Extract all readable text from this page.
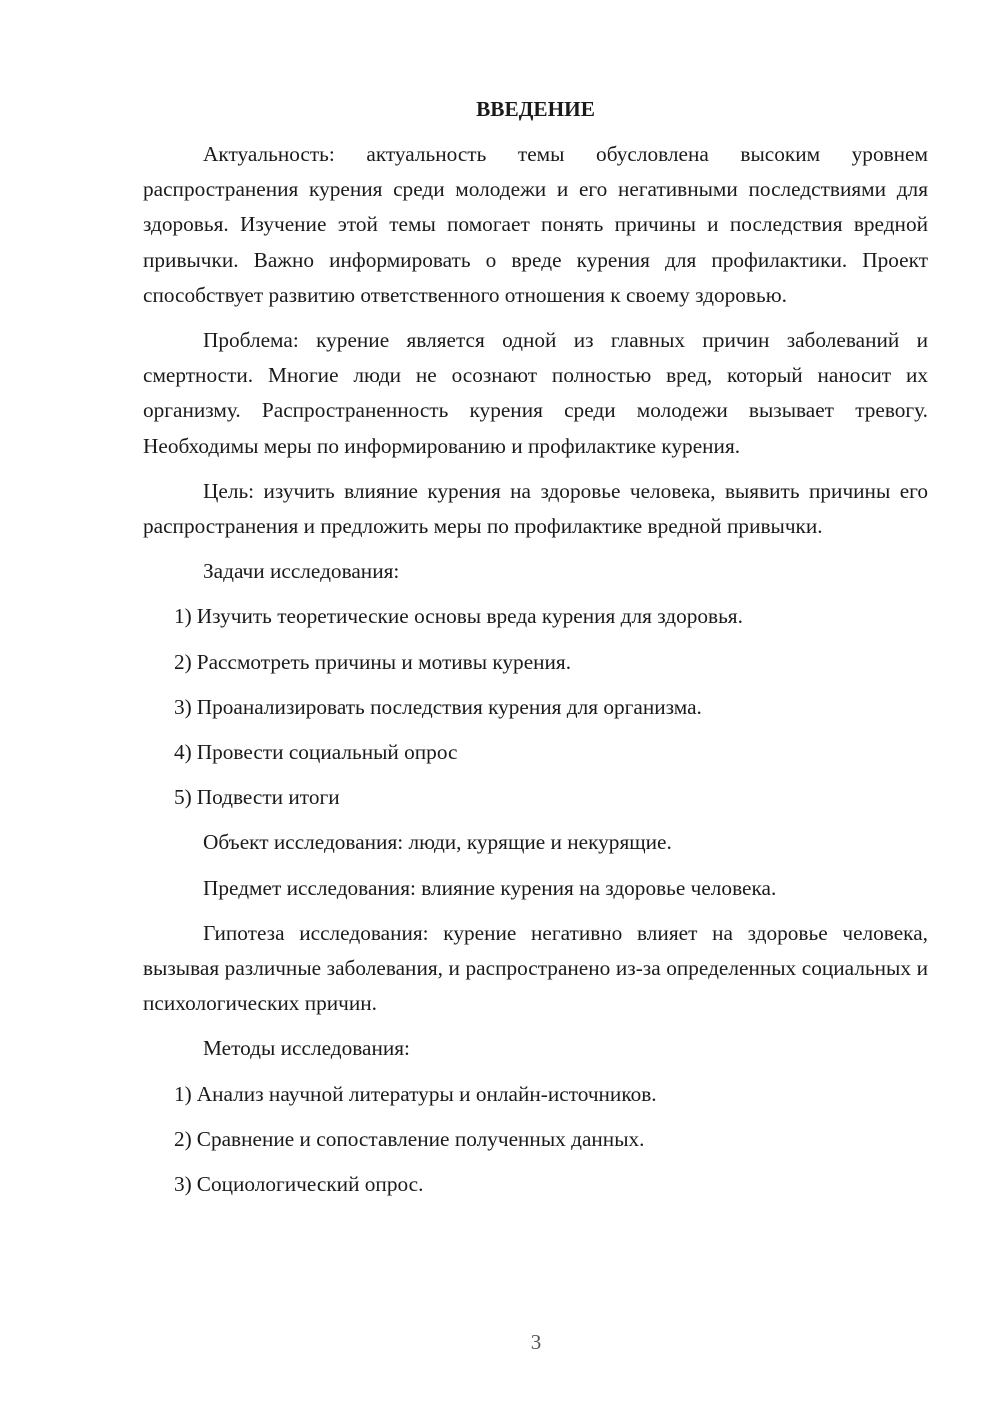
ВВЕДЕНИЕ

Актуальность: актуальность темы обусловлена высоким уровнем распространения курения среди молодежи и его негативными последствиями для здоровья. Изучение этой темы помогает понять причины и последствия вредной привычки. Важно информировать о вреде курения для профилактики. Проект способствует развитию ответственного отношения к своему здоровью.

Проблема: курение является одной из главных причин заболеваний и смертности. Многие люди не осознают полностью вред, который наносит их организму. Распространенность курения среди молодежи вызывает тревогу. Необходимы меры по информированию и профилактике курения.

Цель: изучить влияние курения на здоровье человека, выявить причины его распространения и предложить меры по профилактике вредной привычки.

Задачи исследования:

1) Изучить теоретические основы вреда курения для здоровья.

2) Рассмотреть причины и мотивы курения.

3) Проанализировать последствия курения для организма.

4) Провести социальный опрос

5) Подвести итоги

Объект исследования: люди, курящие и некурящие.

Предмет исследования: влияние курения на здоровье человека.

Гипотеза исследования: курение негативно влияет на здоровье человека, вызывая различные заболевания, и распространено из-за определенных социальных и психологических причин.

Методы исследования:

1) Анализ научной литературы и онлайн-источников.

2) Сравнение и сопоставление полученных данных.

3) Социологический опрос.

3
